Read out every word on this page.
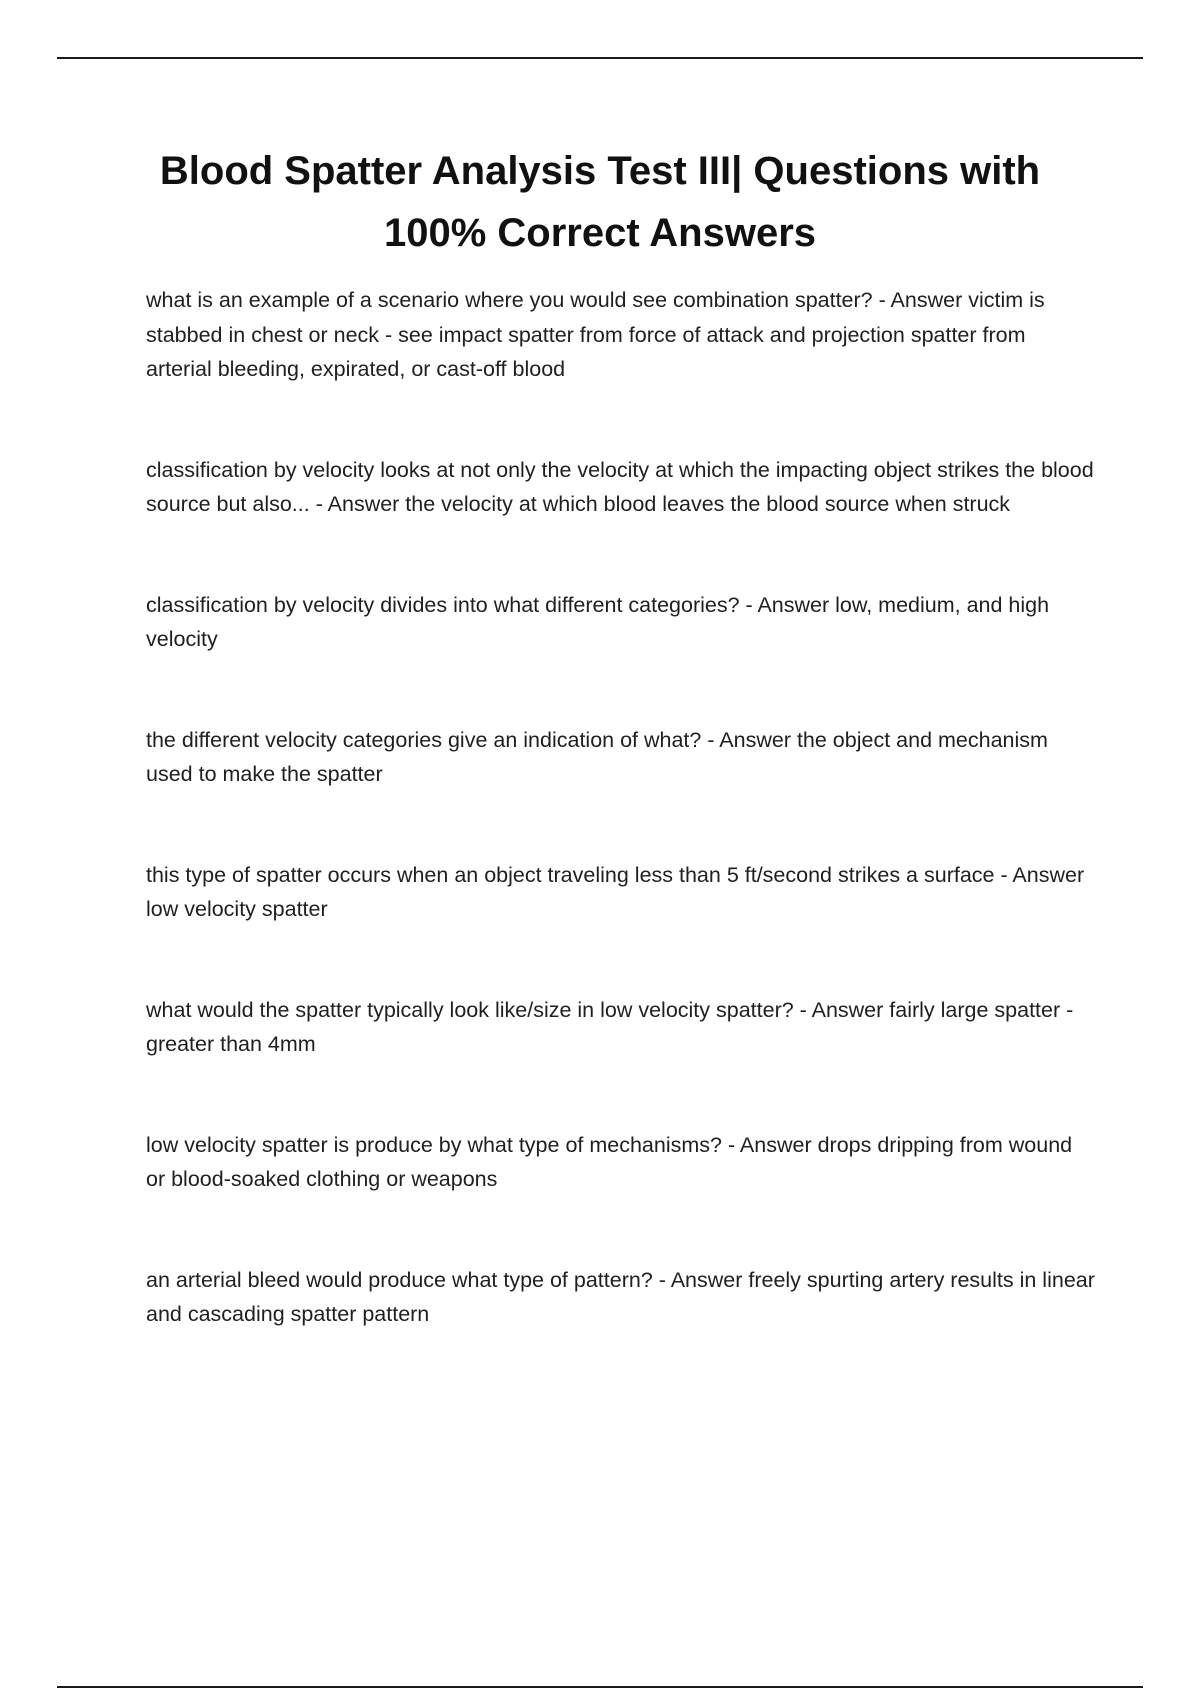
Blood Spatter Analysis Test III| Questions with 100% Correct Answers
what is an example of a scenario where you would see combination spatter? - Answer victim is stabbed in chest or neck - see impact spatter from force of attack and projection spatter from arterial bleeding, expirated, or cast-off blood
classification by velocity looks at not only the velocity at which the impacting object strikes the blood source but also... - Answer the velocity at which blood leaves the blood source when struck
classification by velocity divides into what different categories? - Answer low, medium, and high velocity
the different velocity categories give an indication of what? - Answer the object and mechanism used to make the spatter
this type of spatter occurs when an object traveling less than 5 ft/second strikes a surface - Answer low velocity spatter
what would the spatter typically look like/size in low velocity spatter? - Answer fairly large spatter - greater than 4mm
low velocity spatter is produce by what type of mechanisms? - Answer drops dripping from wound or blood-soaked clothing or weapons
an arterial bleed would produce what type of pattern? - Answer freely spurting artery results in linear and cascading spatter pattern
